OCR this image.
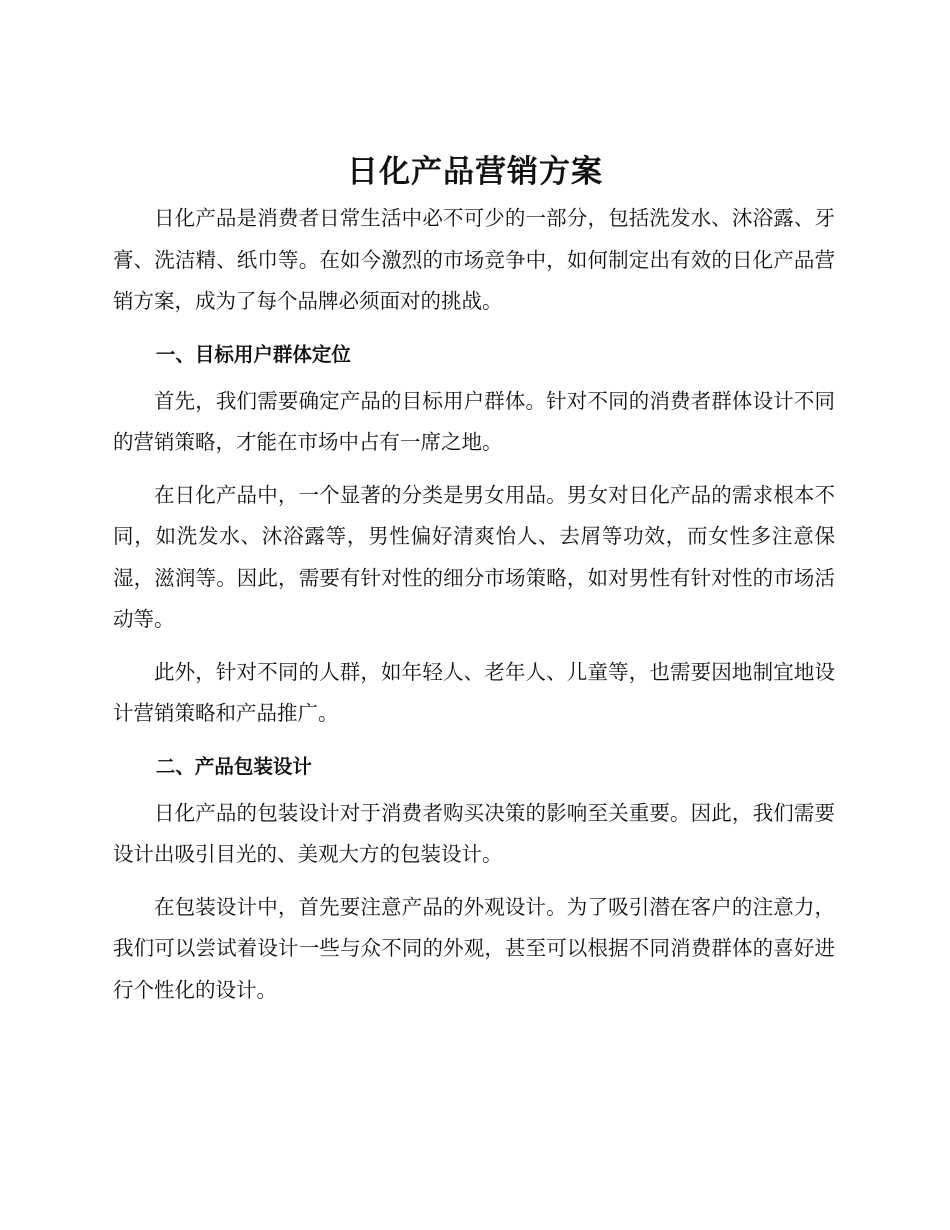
日化产品营销方案

日化产品是消费者日常生活中必不可少的一部分，包括洗发水、沐浴露、牙膏、洗洁精、纸巾等。在如今激烈的市场竞争中，如何制定出有效的日化产品营销方案，成为了每个品牌必须面对的挑战。

一、目标用户群体定位

首先，我们需要确定产品的目标用户群体。针对不同的消费者群体设计不同的营销策略，才能在市场中占有一席之地。

在日化产品中，一个显著的分类是男女用品。男女对日化产品的需求根本不同，如洗发水、沐浴露等，男性偏好清爽怡人、去屑等功效，而女性多注意保湿，滋润等。因此，需要有针对性的细分市场策略，如对男性有针对性的市场活动等。

此外，针对不同的人群，如年轻人、老年人、儿童等，也需要因地制宜地设计营销策略和产品推广。

二、产品包装设计

日化产品的包装设计对于消费者购买决策的影响至关重要。因此，我们需要设计出吸引目光的、美观大方的包装设计。

在包装设计中，首先要注意产品的外观设计。为了吸引潜在客户的注意力，我们可以尝试着设计一些与众不同的外观，甚至可以根据不同消费群体的喜好进行个性化的设计。
